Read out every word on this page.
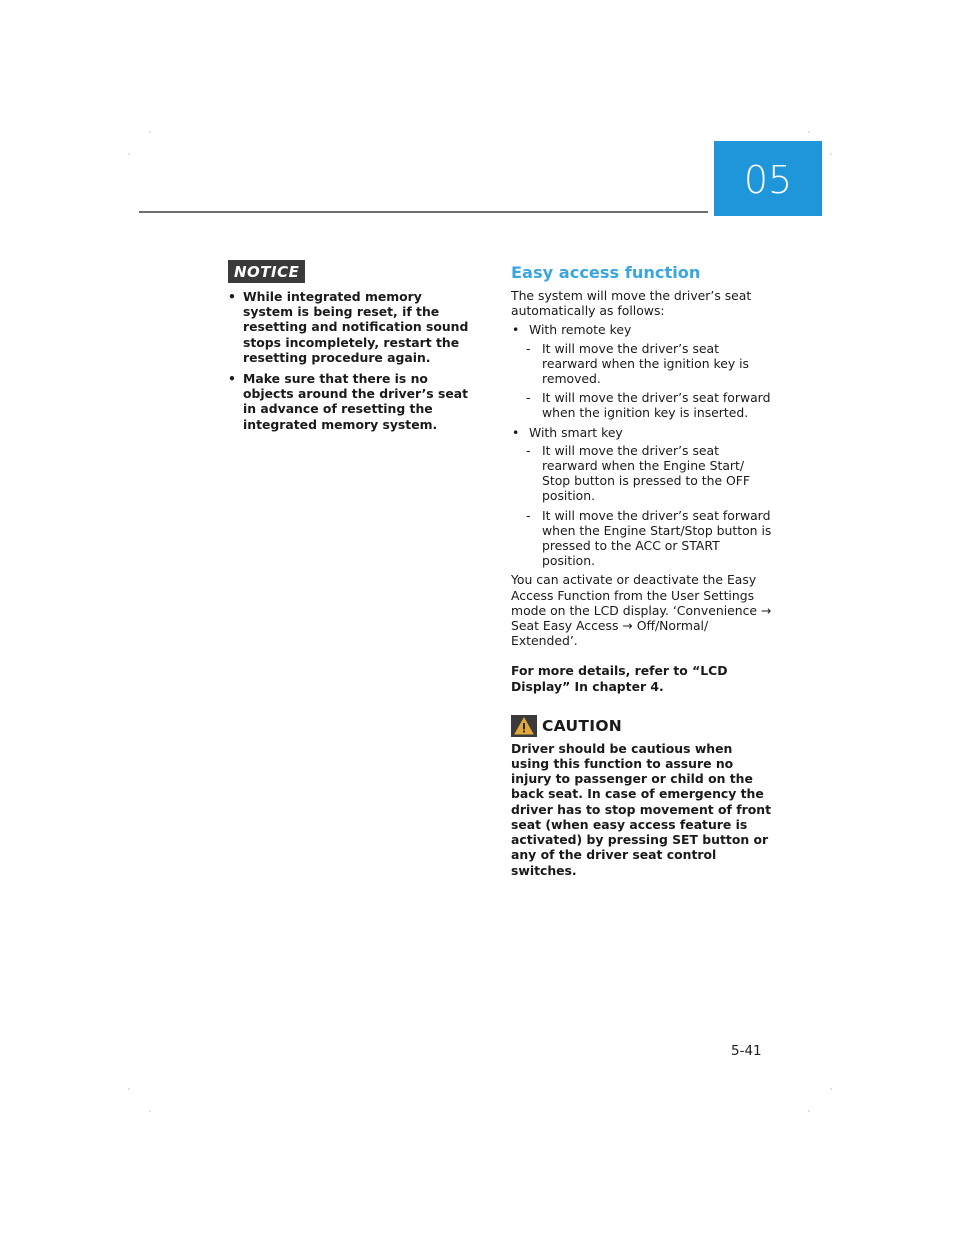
05
NOTICE
• While integrated memory system is being reset, if the resetting and notification sound stops incompletely, restart the resetting procedure again.
• Make sure that there is no objects around the driver’s seat in advance of resetting the integrated memory system.
Easy access function

The system will move the driver’s seat automatically as follows:

• With remote key
- It will move the driver’s seat rearward when the ignition key is removed.
- It will move the driver’s seat forward when the ignition key is inserted.
• With smart key
- It will move the driver’s seat rearward when the Engine Start/ Stop button is pressed to the OFF position.
- It will move the driver’s seat forward when the Engine Start/Stop button is pressed to the ACC or START position.

You can activate or deactivate the Easy Access Function from the User Settings mode on the LCD display. ‘Convenience → Seat Easy Access → Off/Normal/ Extended’.

For more details, refer to “LCD Display” In chapter 4.

CAUTION

Driver should be cautious when using this function to assure no injury to passenger or child on the back seat. In case of emergency the driver has to stop movement of front seat (when easy access feature is activated) by pressing SET button or any of the driver seat control switches.

5-41
